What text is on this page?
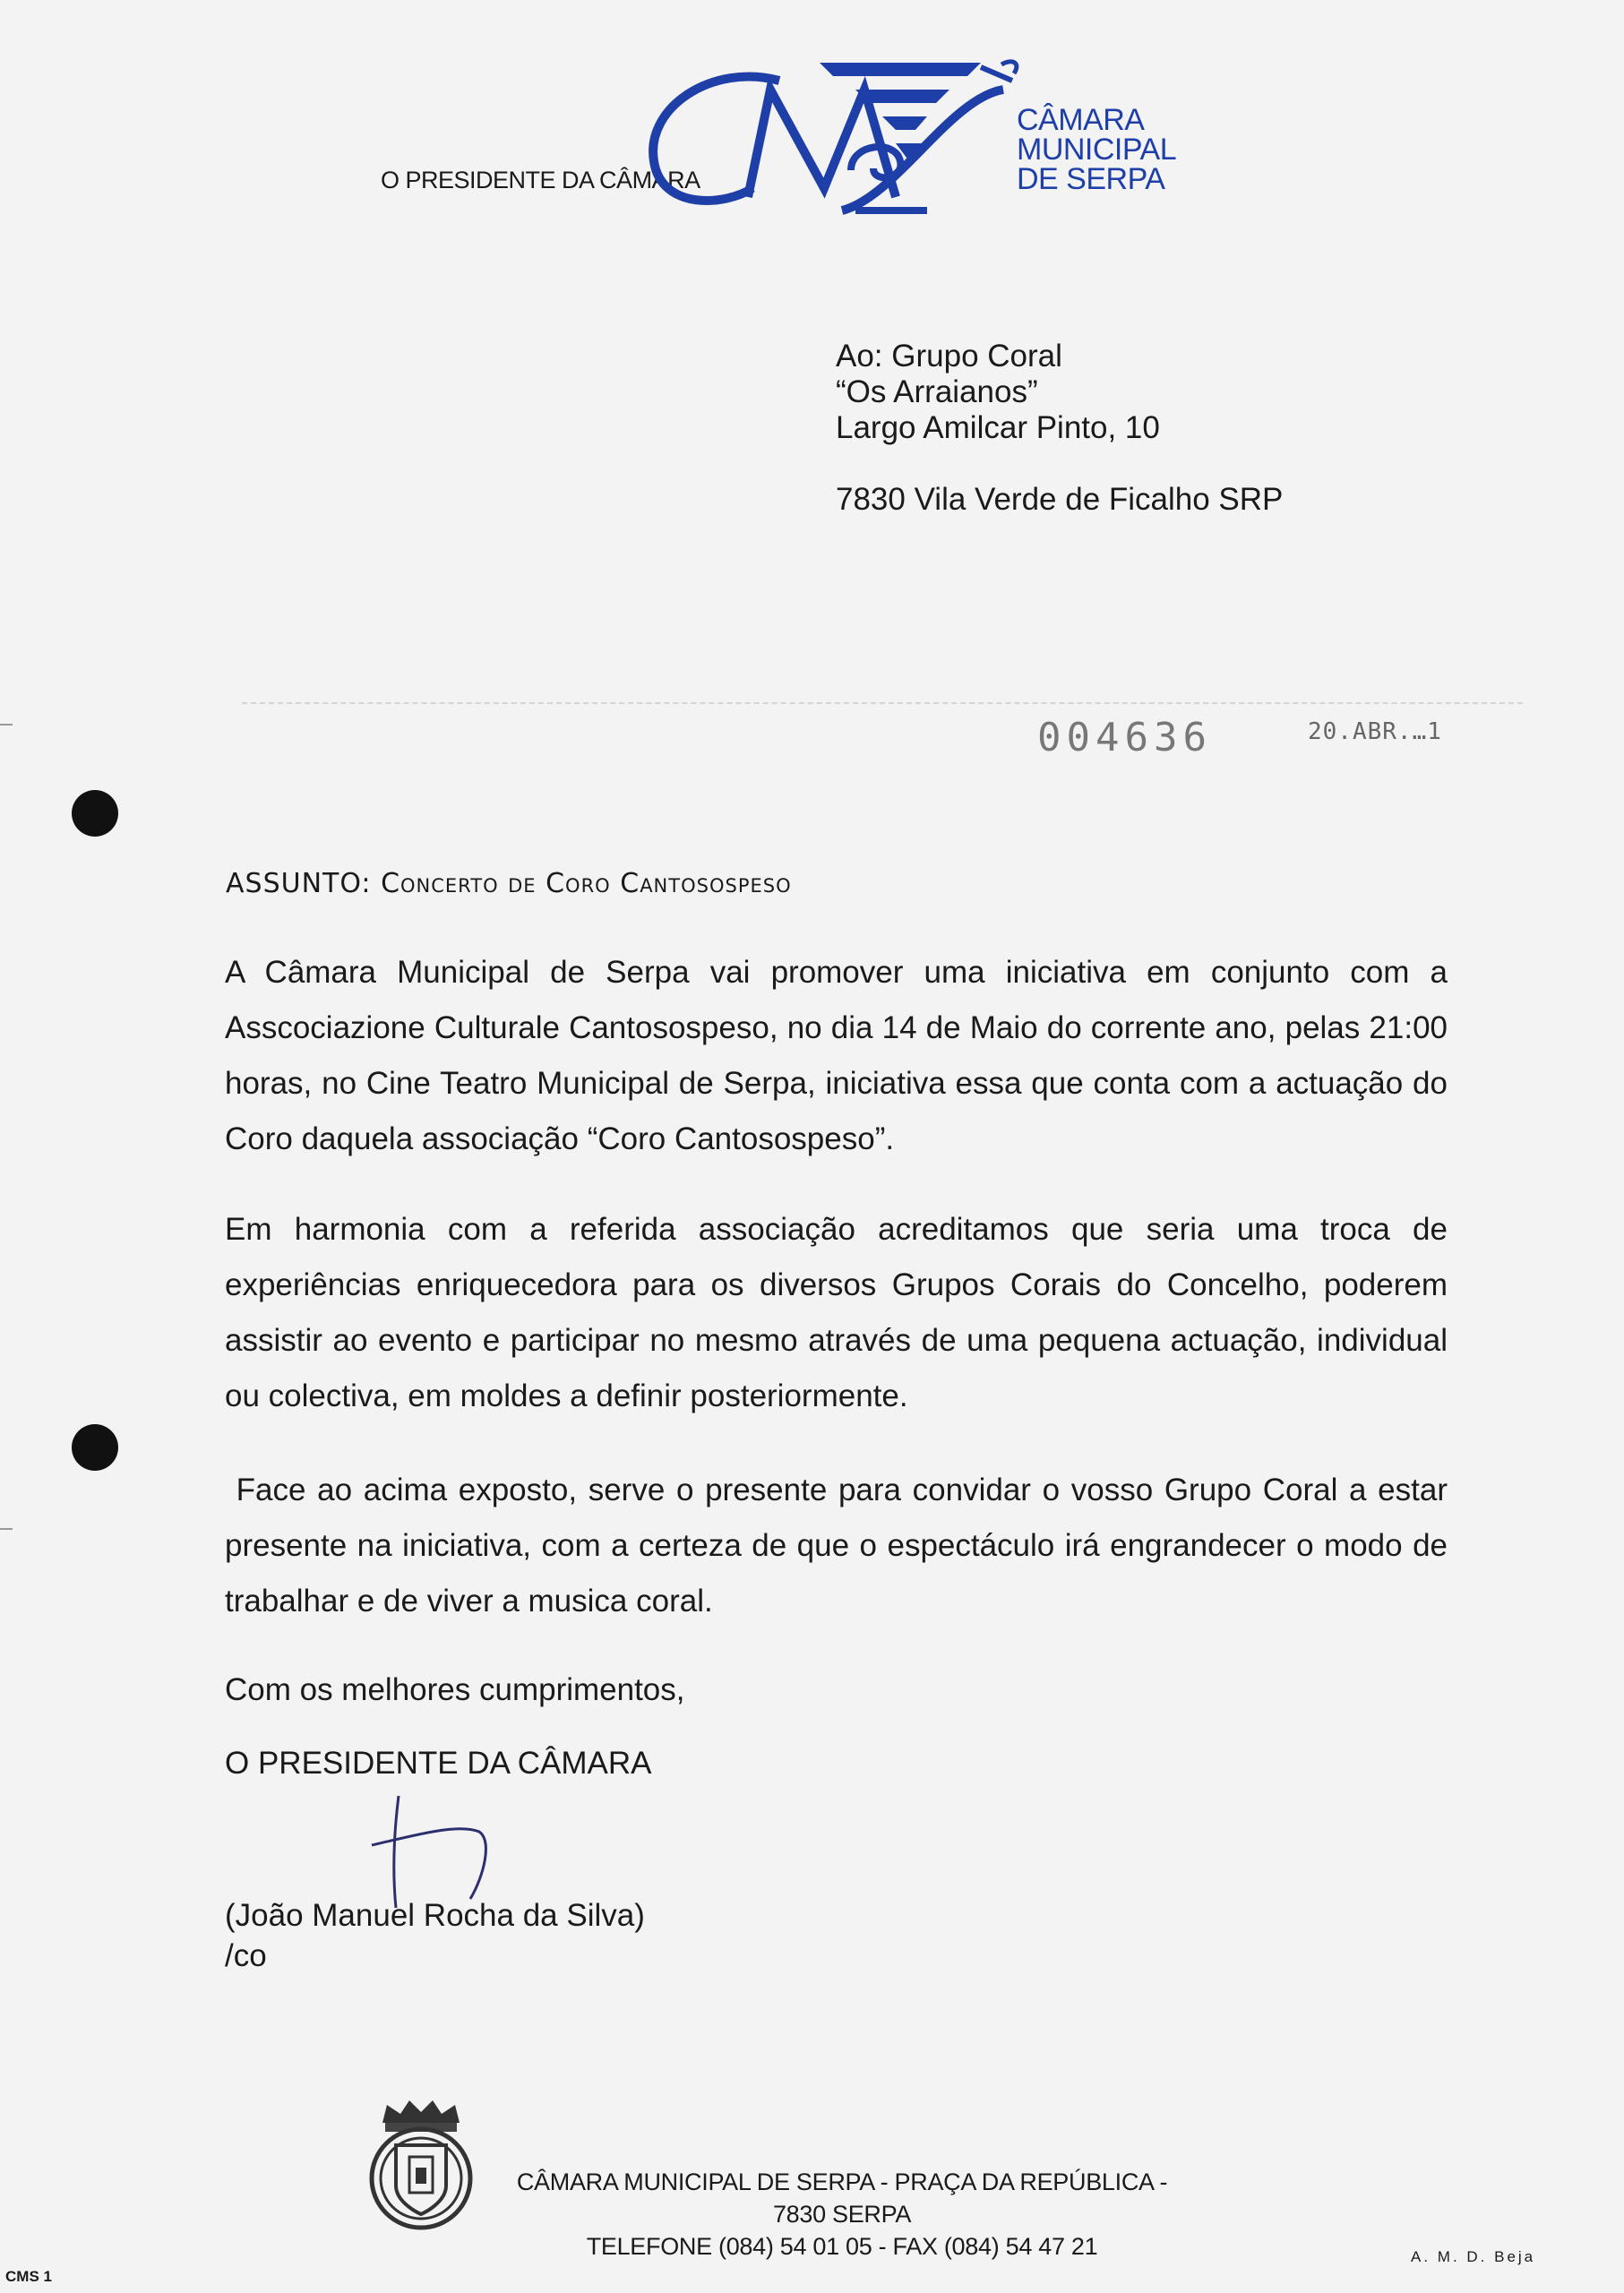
O PRESIDENTE DA CÂMARA
CÂMARA
MUNICIPAL
DE SERPA
Ao: Grupo Coral
“Os Arraianos”
Largo Amilcar Pinto, 10
7830 Vila Verde de Ficalho SRP
004636	20.ABR.…1
ASSUNTO: Concerto de Coro Cantosospeso
A Câmara Municipal de Serpa vai promover uma iniciativa em conjunto com a Asscociazione Culturale Cantosospeso, no dia 14 de Maio do corrente ano, pelas 21:00 horas, no Cine Teatro Municipal de Serpa, iniciativa essa que conta com a actuação do Coro daquela associação “Coro Cantosospeso”.
Em harmonia com a referida associação acreditamos que seria uma troca de experiências enriquecedora para os diversos Grupos Corais do Concelho, poderem assistir ao evento e participar no mesmo através de uma pequena actuação, individual ou colectiva, em moldes a definir posteriormente.
Face ao acima exposto, serve o presente para convidar o vosso Grupo Coral a estar presente na iniciativa, com a certeza de que o espectáculo irá engrandecer o modo de trabalhar e de viver a musica coral.
Com os melhores cumprimentos,
O PRESIDENTE DA CÂMARA
(João Manuel Rocha da Silva)
/co
CÂMARA MUNICIPAL DE SERPA - PRAÇA DA REPÚBLICA - 7830 SERPA
TELEFONE (084) 54 01 05 - FAX (084) 54 47 21
CMS 1
A. M. D. Beja
